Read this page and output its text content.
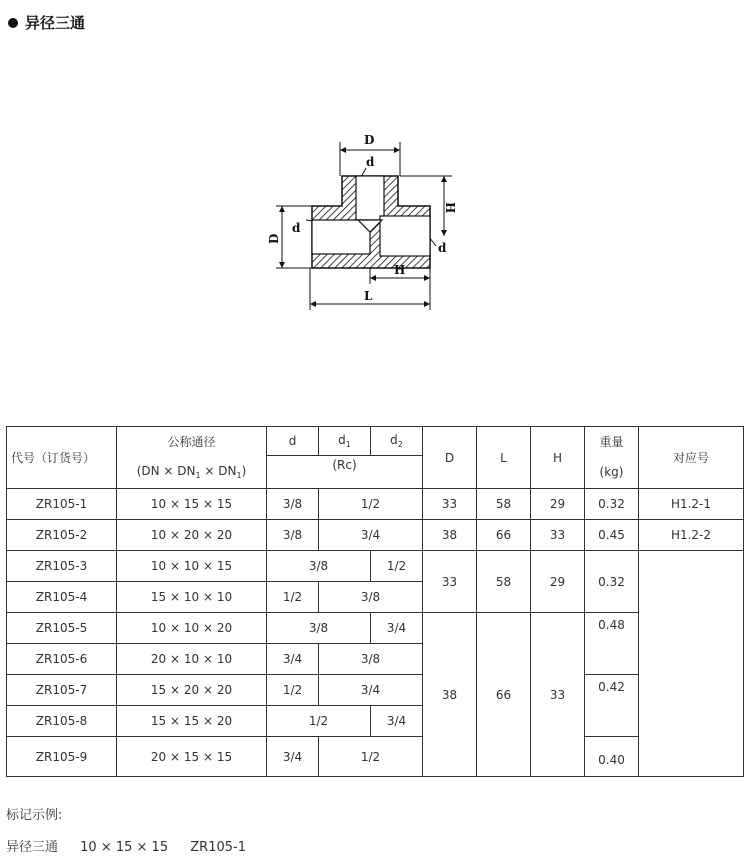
异径三通
D
d
D
d
H
d
H
L
代号（订货号）	公称通径	d	$d_1$	$d_2$	D	L	H	重量	对应号
	$(DN \times DN_1 \times DN_1)$	(Rc)						(kg)	
ZR105-1	10 × 15 × 15	3/8	1/2		33	58	29	0.32	H1.2-1
ZR105-2	10 × 20 × 20	3/8	3/4		38	66	33	0.45	H1.2-2
ZR105-3	10 × 10 × 15	3/8		1/2	33	58	29	0.32	
ZR105-4	15 × 10 × 10	1/2	3/8						
ZR105-5	10 × 10 × 20	3/8		3/4	38	66	33	0.48	
ZR105-6	20 × 10 × 10	3/4	3/8						
ZR105-7	15 × 20 × 20	1/2	3/4					0.42	
ZR105-8	15 × 15 × 20	1/2		3/4					
ZR105-9	20 × 15 × 15	3/4	1/2					0.40	
标记示例:
异径三通 10 × 15 × 15 ZR105-1
